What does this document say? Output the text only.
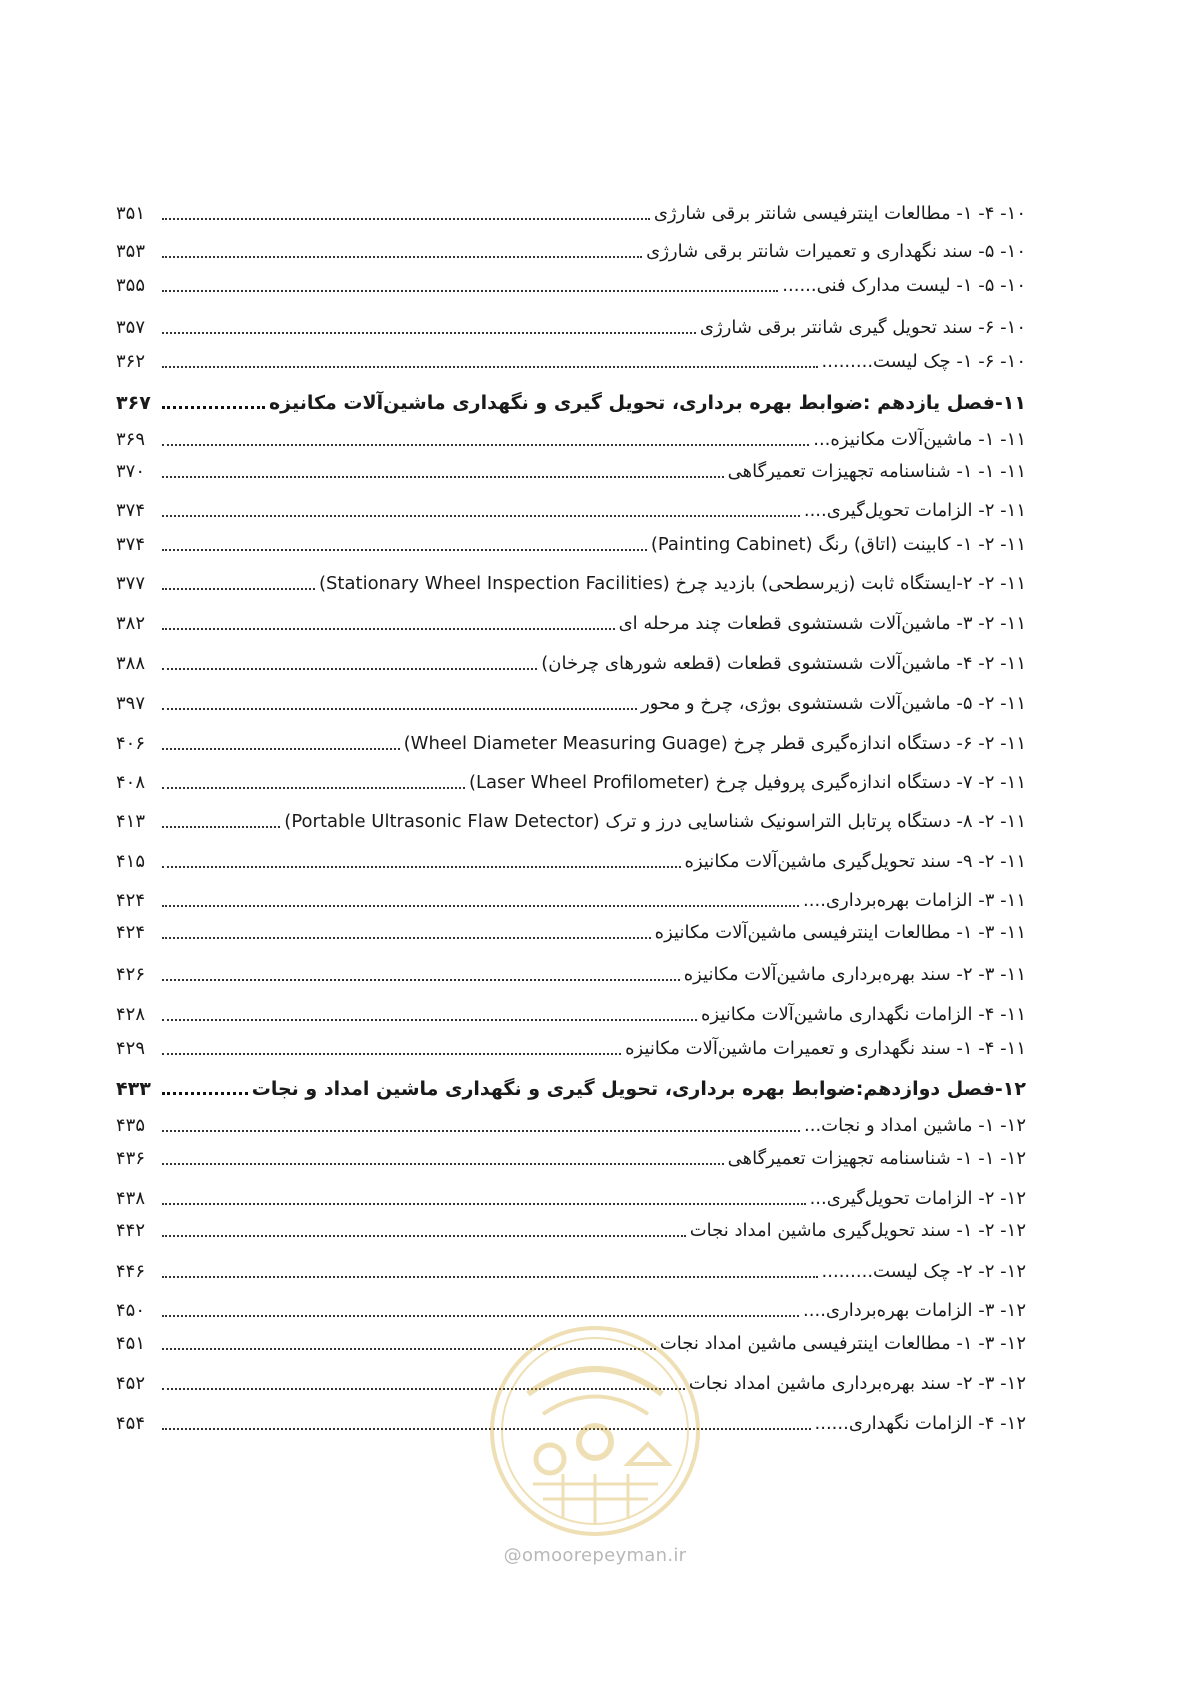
۱۰- ۴- ۱- مطالعات اینترفیسی شانتر برقی شارژی
۳۵۱
۱۰- ۵- سند نگهداری و تعمیرات شانتر برقی شارژی
۳۵۳
۱۰- ۵- ۱- لیست مدارک فنی......
۳۵۵
۱۰- ۶- سند تحویل گیری شانتر برقی شارژی
۳۵۷
۱۰- ۶- ۱- چک لیست.........
۳۶۲
۱۱-فصل یازدهم :ضوابط بهره برداری، تحویل گیری و نگهداری ماشین‌آلات مکانیزه
۳۶۷
۱۱- ۱- ماشین‌آلات مکانیزه...
۳۶۹
۱۱- ۱- ۱- شناسنامه تجهیزات تعمیرگاهی
۳۷۰
۱۱- ۲- الزامات تحویل‌گیری....
۳۷۴
۱۱- ۲- ۱- کابینت (اتاق) رنگ (Painting Cabinet)
۳۷۴
۱۱- ۲- ۲-ایستگاه ثابت (زیرسطحی) بازدید چرخ (Stationary Wheel Inspection Facilities)
۳۷۷
۱۱- ۲- ۳- ماشین‌آلات شستشوی قطعات چند مرحله ای
۳۸۲
۱۱- ۲- ۴- ماشین‌آلات شستشوی قطعات (قطعه شورهای چرخان)
۳۸۸
۱۱- ۲- ۵- ماشین‌آلات شستشوی بوژی، چرخ و محور
۳۹۷
۱۱- ۲- ۶- دستگاه اندازه‌گیری قطر چرخ (Wheel Diameter Measuring Guage)
۴۰۶
۱۱- ۲- ۷- دستگاه اندازه‌گیری پروفیل چرخ (Laser Wheel Profilometer)
۴۰۸
۱۱- ۲- ۸- دستگاه پرتابل التراسونیک شناسایی درز و ترک (Portable Ultrasonic Flaw Detector)
۴۱۳
۱۱- ۲- ۹- سند تحویل‌گیری ماشین‌آلات مکانیزه
۴۱۵
۱۱- ۳- الزامات بهره‌برداری....
۴۲۴
۱۱- ۳- ۱- مطالعات اینترفیسی ماشین‌آلات مکانیزه
۴۲۴
۱۱- ۳- ۲- سند بهره‌برداری ماشین‌آلات مکانیزه
۴۲۶
۱۱- ۴- الزامات نگهداری ماشین‌آلات مکانیزه
۴۲۸
۱۱- ۴- ۱- سند نگهداری و تعمیرات ماشین‌آلات مکانیزه
۴۲۹
۱۲-فصل دوازدهم:ضوابط بهره برداری، تحویل گیری و نگهداری ماشین امداد و نجات
۴۳۳
۱۲- ۱- ماشین امداد و نجات...
۴۳۵
۱۲- ۱- ۱- شناسنامه تجهیزات تعمیرگاهی
۴۳۶
۱۲- ۲- الزامات تحویل‌گیری...
۴۳۸
۱۲- ۲- ۱- سند تحویل‌گیری ماشین امداد نجات
۴۴۲
۱۲- ۲- ۲- چک لیست.........
۴۴۶
۱۲- ۳- الزامات بهره‌برداری....
۴۵۰
۱۲- ۳- ۱- مطالعات اینترفیسی ماشین امداد نجات
۴۵۱
۱۲- ۳- ۲- سند بهره‌برداری ماشین امداد نجات
۴۵۲
۱۲- ۴- الزامات نگهداری......
۴۵۴
@omoorepeyman.ir
